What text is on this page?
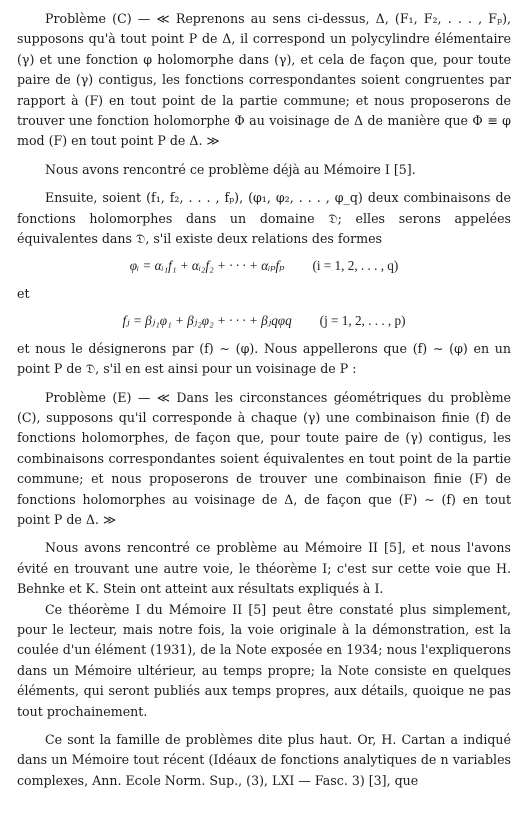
Problème (C) — ≪ Reprenons au sens ci-dessus, Δ, (F₁, F₂, . . . , Fₚ), supposons qu'à tout point P de Δ, il correspond un polycylindre élémentaire (γ) et une fonction φ holomorphe dans (γ), et cela de façon que, pour toute paire de (γ) contigus, les fonctions correspondantes soient congruentes par rapport à (F) en tout point de la partie commune; et nous proposerons de trouver une fonction holomorphe Φ au voisinage de Δ de manière que Φ ≡ φ mod (F) en tout point P de Δ. ≫

Nous avons rencontré ce problème déjà au Mémoire I [5].

Ensuite, soient (f₁, f₂, . . . , fₚ), (φ₁, φ₂, . . . , φ_q) deux combinaisons de fonctions holomorphes dans un domaine 𝔇; elles serons appelées équivalentes dans 𝔇, s'il existe deux relations des formes

φᵢ = αᵢ₁f₁ + αᵢ₂f₂ + · · · + αᵢₚfₚ (i = 1, 2, . . . , q)

et

fⱼ = βⱼ₁φ₁ + βⱼ₂φ₂ + · · · + βⱼqφq (j = 1, 2, . . . , p)

et nous le désignerons par (f) ∼ (φ). Nous appellerons que (f) ∼ (φ) en un point P de 𝔇, s'il en est ainsi pour un voisinage de P :

Problème (E) — ≪ Dans les circonstances géométriques du problème (C), supposons qu'il corresponde à chaque (γ) une combinaison finie (f) de fonctions holomorphes, de façon que, pour toute paire de (γ) contigus, les combinaisons correspondantes soient équivalentes en tout point de la partie commune; et nous proposerons de trouver une combinaison finie (F) de fonctions holomorphes au voisinage de Δ, de façon que (F) ∼ (f) en tout point P de Δ. ≫

Nous avons rencontré ce problème au Mémoire II [5], et nous l'avons évité en trouvant une autre voie, le théorème I; c'est sur cette voie que H. Behnke et K. Stein ont atteint aux résultats expliqués à I.

Ce théorème I du Mémoire II [5] peut être constaté plus simplement, pour le lecteur, mais notre fois, la voie originale à la démonstration, est la coulée d'un élément (1931), de la Note exposée en 1934; nous l'expliquerons dans un Mémoire ultérieur, au temps propre; la Note consiste en quelques éléments, qui seront publiés aux temps propres, aux détails, quoique ne pas tout prochainement.

Ce sont la famille de problèmes dite plus haut. Or, H. Cartan a indiqué dans un Mémoire tout récent (Idéaux de fonctions analytiques de n variables complexes, Ann. Ecole Norm. Sup., (3), LXI — Fasc. 3) [3], que
